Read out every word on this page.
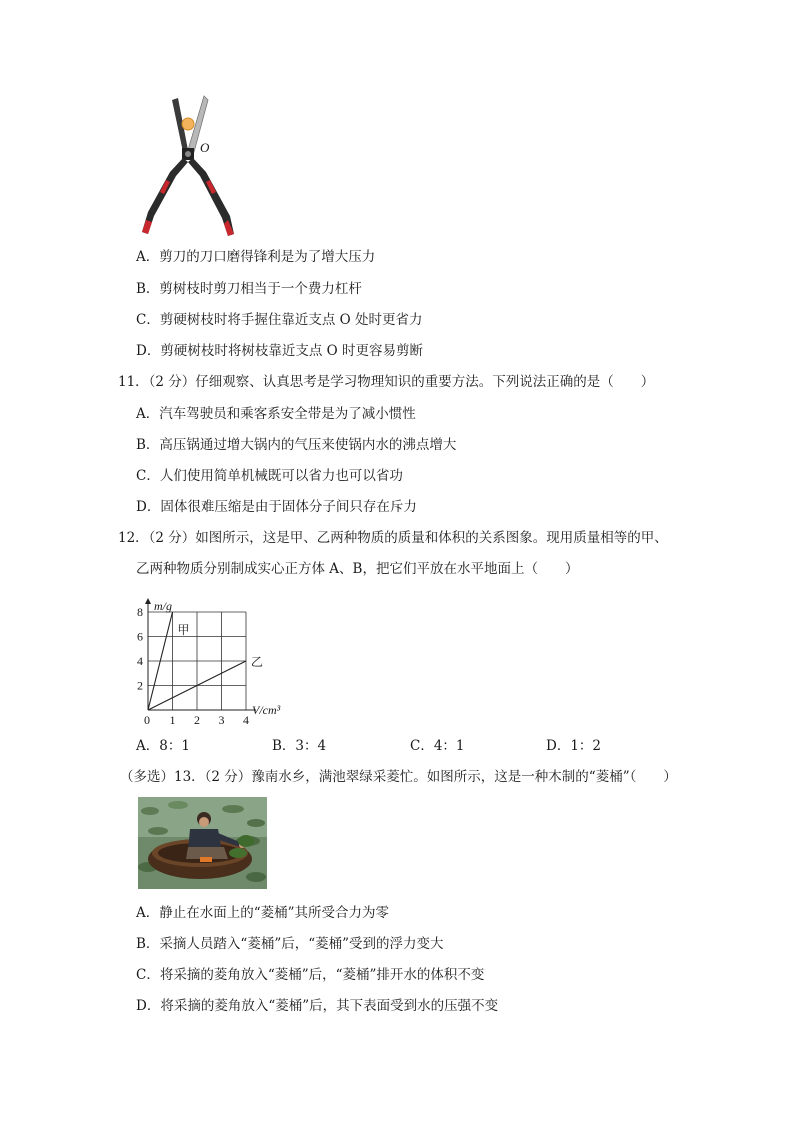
O
A．剪刀的刀口磨得锋利是为了增大压力
B．剪树枝时剪刀相当于一个费力杠杆
C．剪硬树枝时将手握住靠近支点 O 处时更省力
D．剪硬树枝时将树枝靠近支点 O 时更容易剪断
11．（2 分）仔细观察、认真思考是学习物理知识的重要方法。下列说法正确的是（　　）
A．汽车驾驶员和乘客系安全带是为了减小惯性
B．高压锅通过增大锅内的气压来使锅内水的沸点增大
C．人们使用简单机械既可以省力也可以省功
D．固体很难压缩是由于固体分子间只存在斥力
12．（2 分）如图所示，这是甲、乙两种物质的质量和体积的关系图象。现用质量相等的甲、
乙两种物质分别制成实心正方体 A、B，把它们平放在水平地面上（　　）
甲
乙
0 1 2 3 4
2
4
6
8 m/g
V/cm³
A．8：1	B．3：4	C．4：1	D．1：2
（多选）13．（2 分）豫南水乡，满池翠绿采菱忙。如图所示，这是一种木制的“菱桶”（　　）
A．静止在水面上的“菱桶”其所受合力为零
B．采摘人员踏入“菱桶”后，“菱桶”受到的浮力变大
C．将采摘的菱角放入“菱桶”后，“菱桶”排开水的体积不变
D．将采摘的菱角放入“菱桶”后，其下表面受到水的压强不变
